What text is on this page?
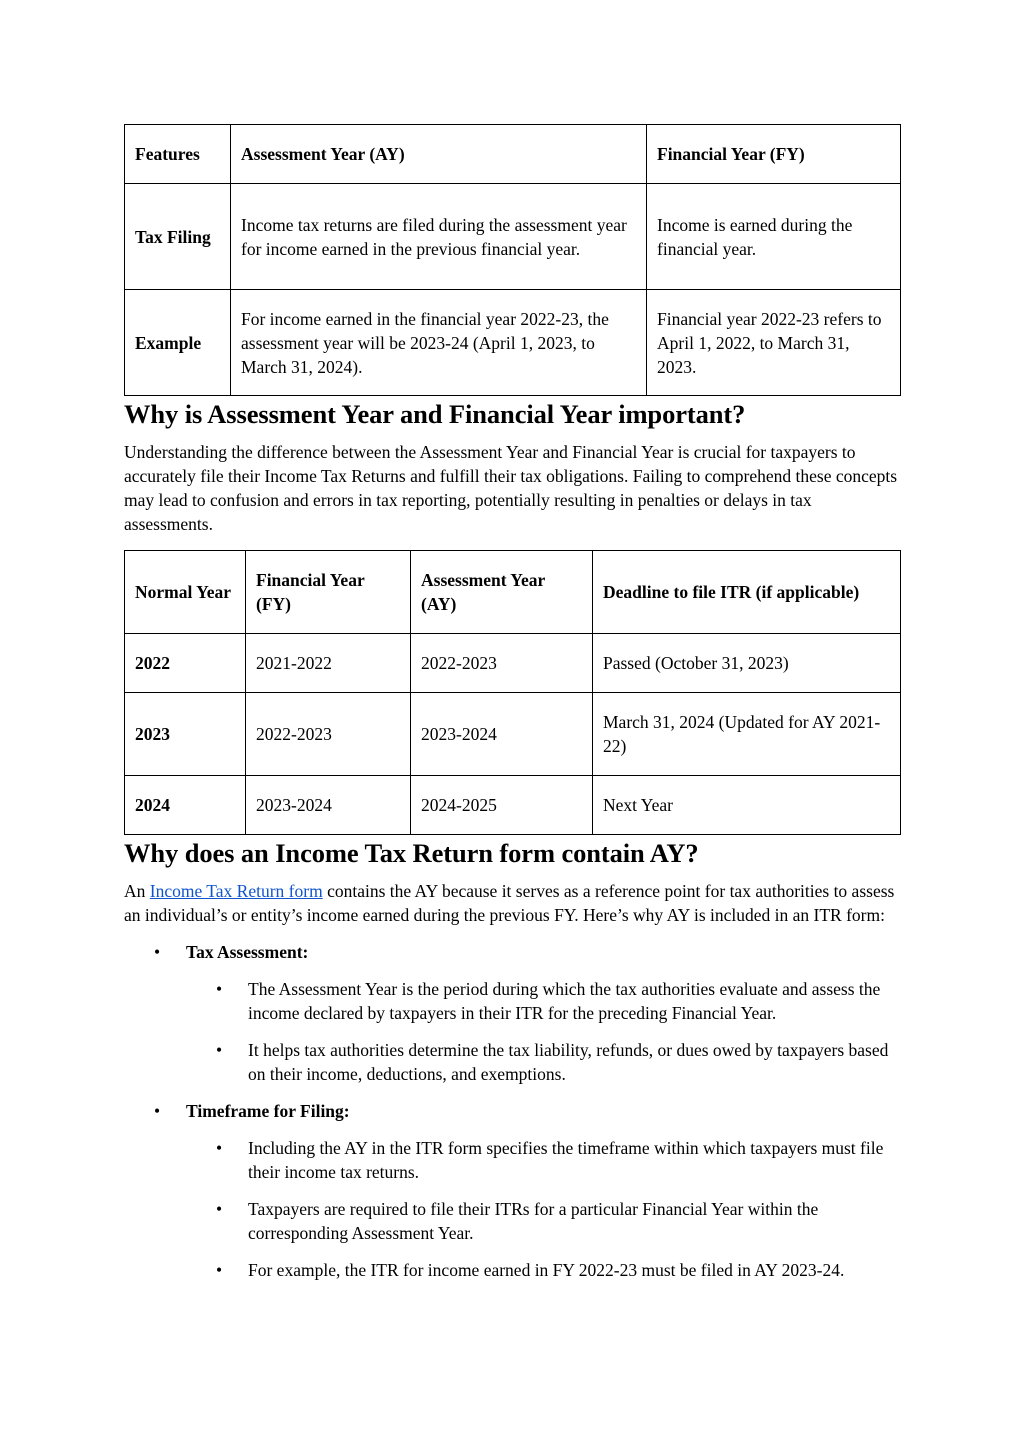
Features	Assessment Year (AY)	Financial Year (FY)
Tax Filing	Income tax returns are filed during the assessment year for income earned in the previous financial year.	Income is earned during the financial year.
Example	For income earned in the financial year 2022-23, the assessment year will be 2023-24 (April 1, 2023, to March 31, 2024).	Financial year 2022-23 refers to April 1, 2022, to March 31, 2023.
Why is Assessment Year and Financial Year important?

Understanding the difference between the Assessment Year and Financial Year is crucial for taxpayers to accurately file their Income Tax Returns and fulfill their tax obligations. Failing to comprehend these concepts may lead to confusion and errors in tax reporting, potentially resulting in penalties or delays in tax assessments.

Normal Year	Financial Year (FY)	Assessment Year (AY)	Deadline to file ITR (if applicable)
2022	2021-2022	2022-2023	Passed (October 31, 2023)
2023	2022-2023	2023-2024	March 31, 2024 (Updated for AY 2021-22)
2024	2023-2024	2024-2025	Next Year
Why does an Income Tax Return form contain AY?

An Income Tax Return form contains the AY because it serves as a reference point for tax authorities to assess an individual’s or entity’s income earned during the previous FY. Here’s why AY is included in an ITR form:

• Tax Assessment:
• The Assessment Year is the period during which the tax authorities evaluate and assess the income declared by taxpayers in their ITR for the preceding Financial Year.
• It helps tax authorities determine the tax liability, refunds, or dues owed by taxpayers based on their income, deductions, and exemptions.
• Timeframe for Filing:
• Including the AY in the ITR form specifies the timeframe within which taxpayers must file their income tax returns.
• Taxpayers are required to file their ITRs for a particular Financial Year within the corresponding Assessment Year.
• For example, the ITR for income earned in FY 2022-23 must be filed in AY 2023-24.
